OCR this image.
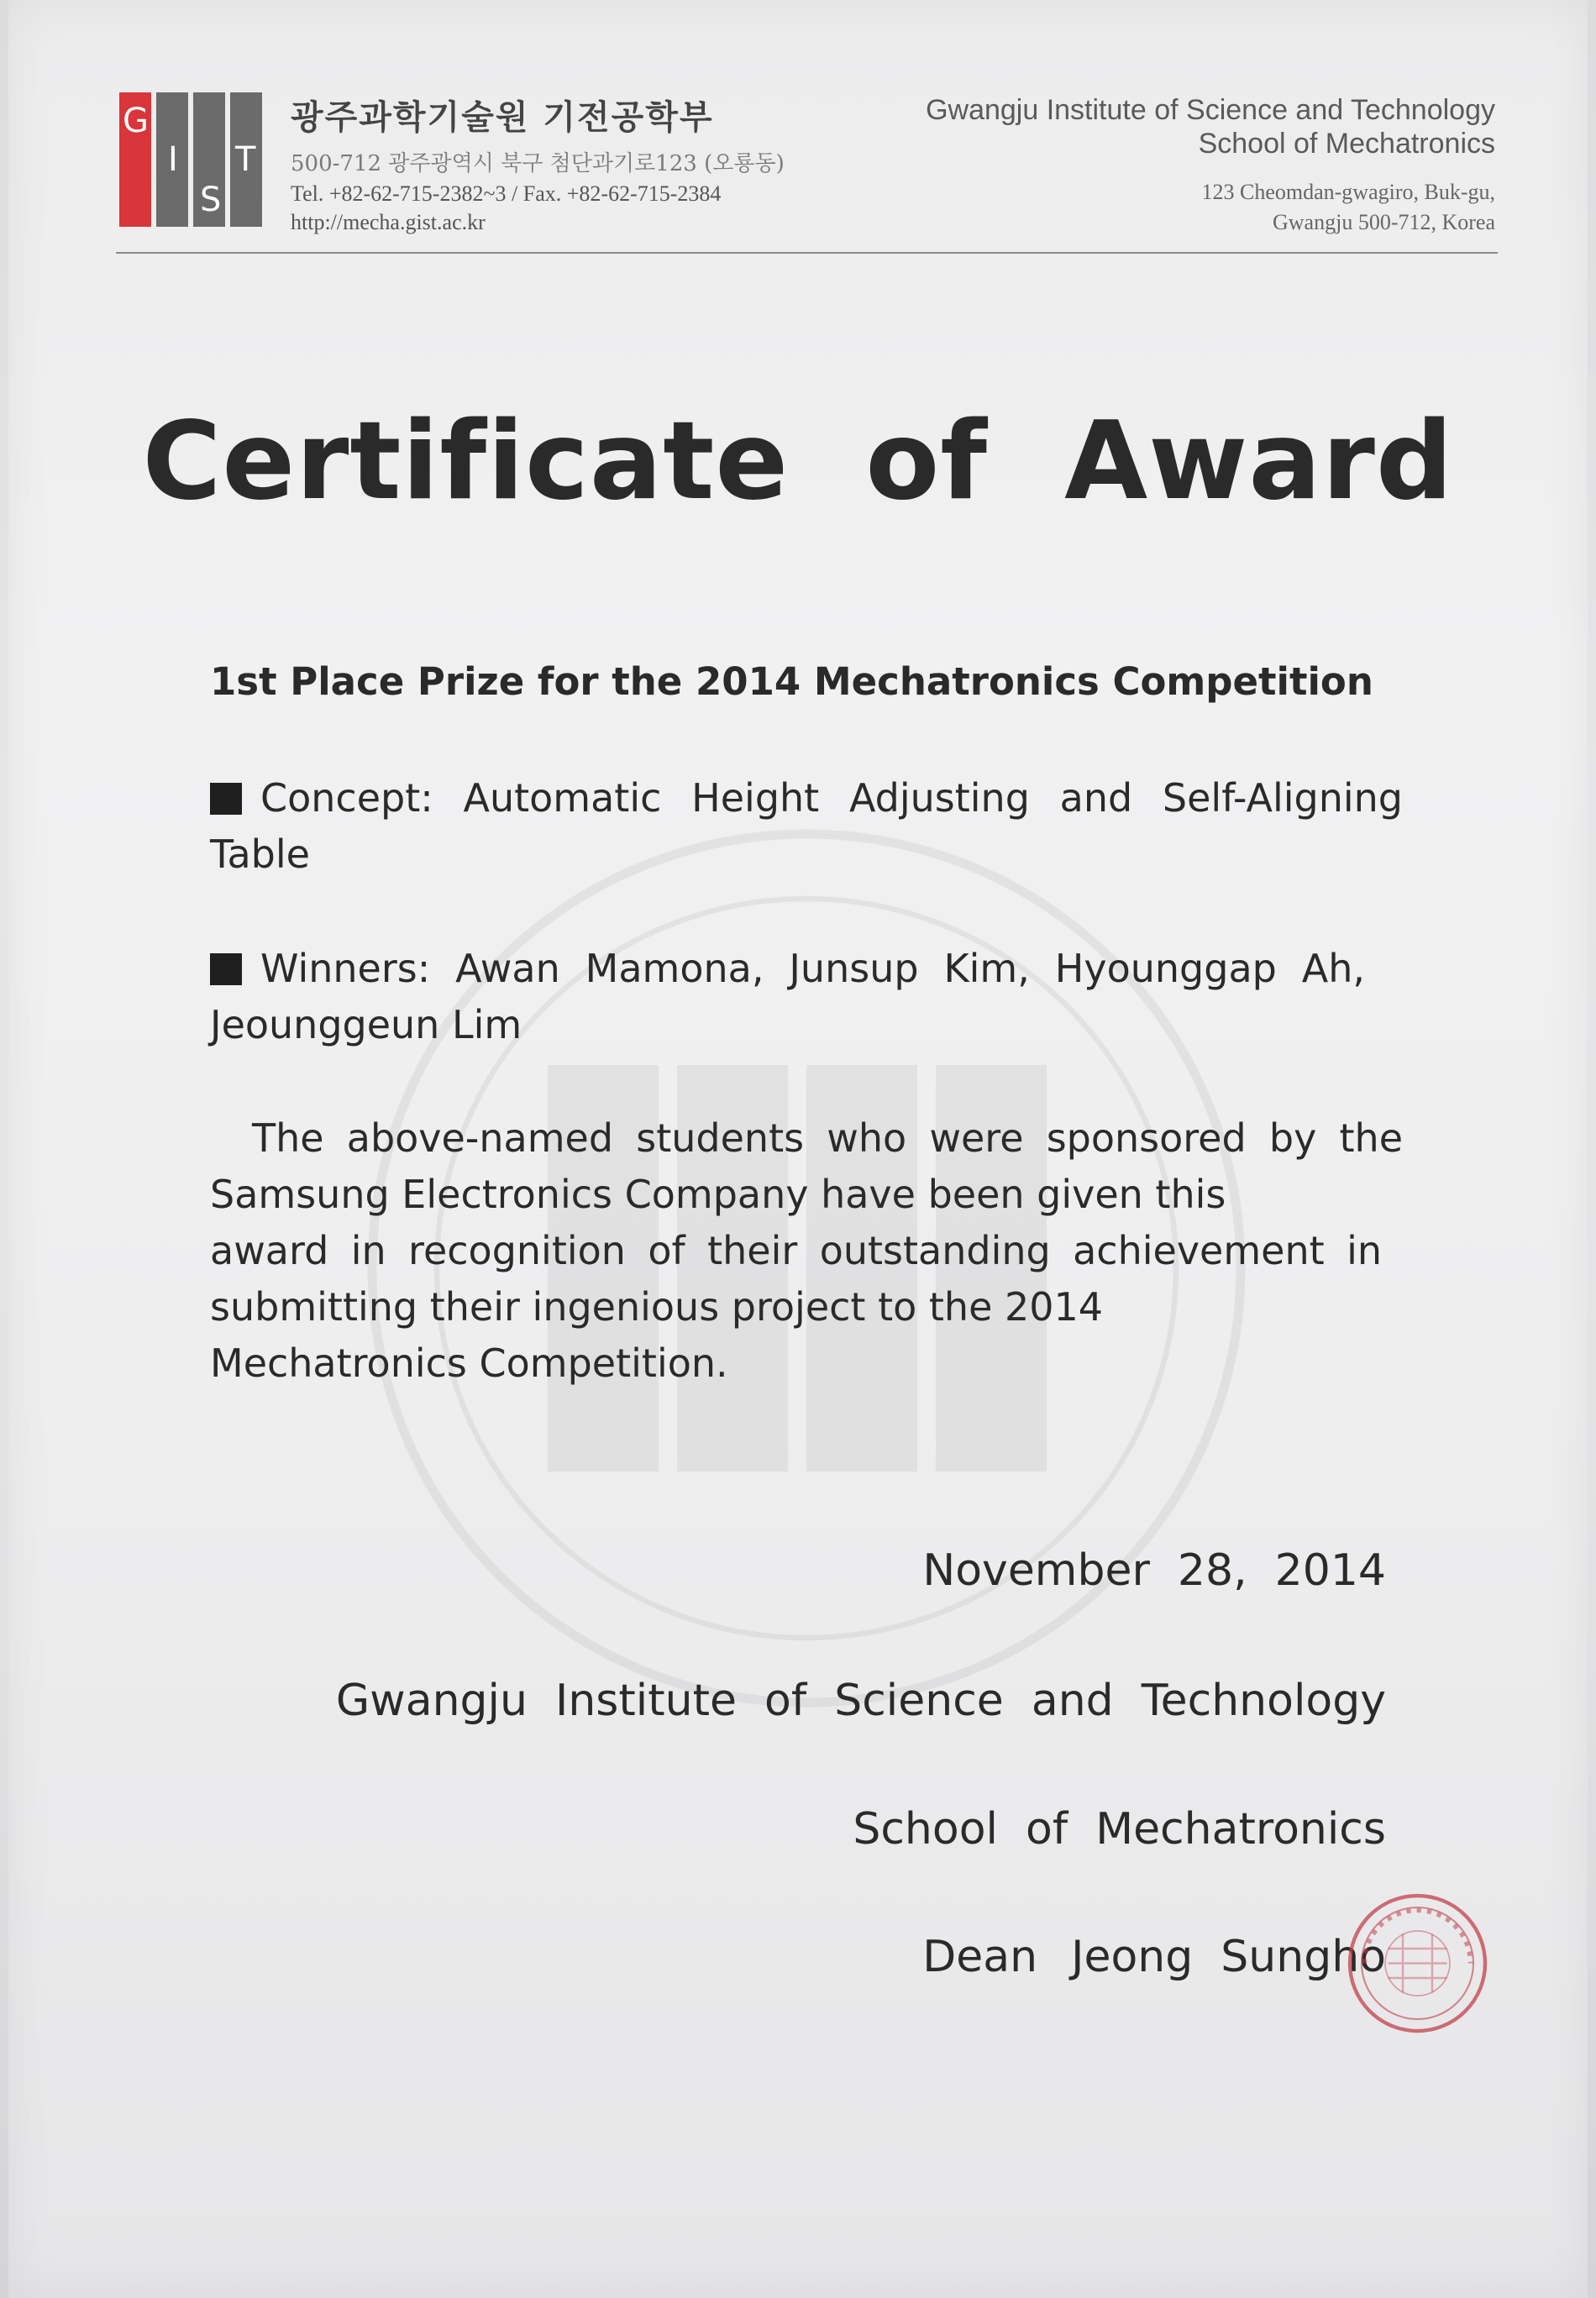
G
I
S
T
광주과학기술원 기전공학부
500-712 광주광역시 북구 첨단과기로123 (오룡동)
Tel. +82-62-715-2382~3 / Fax. +82-62-715-2384
http://mecha.gist.ac.kr
Gwangju Institute of Science and Technology
School of Mechatronics
123 Cheomdan-gwagiro, Buk-gu,
Gwangju 500-712, Korea
Certificate  of  Award
1st Place Prize for the 2014 Mechatronics Competition
Concept: Automatic Height Adjusting and Self-Aligning
Table
Winners: Awan Mamona, Junsup Kim, Hyounggap Ah,
Jeounggeun Lim
The above-named students who were sponsored by the
Samsung Electronics Company have been given this
award in recognition of their outstanding achievement in
submitting their ingenious project to the 2014
Mechatronics Competition.
November  28,  2014
Gwangju  Institute  of  Science  and  Technology
School  of  Mechatronics
Dean Jeong  Sungho
